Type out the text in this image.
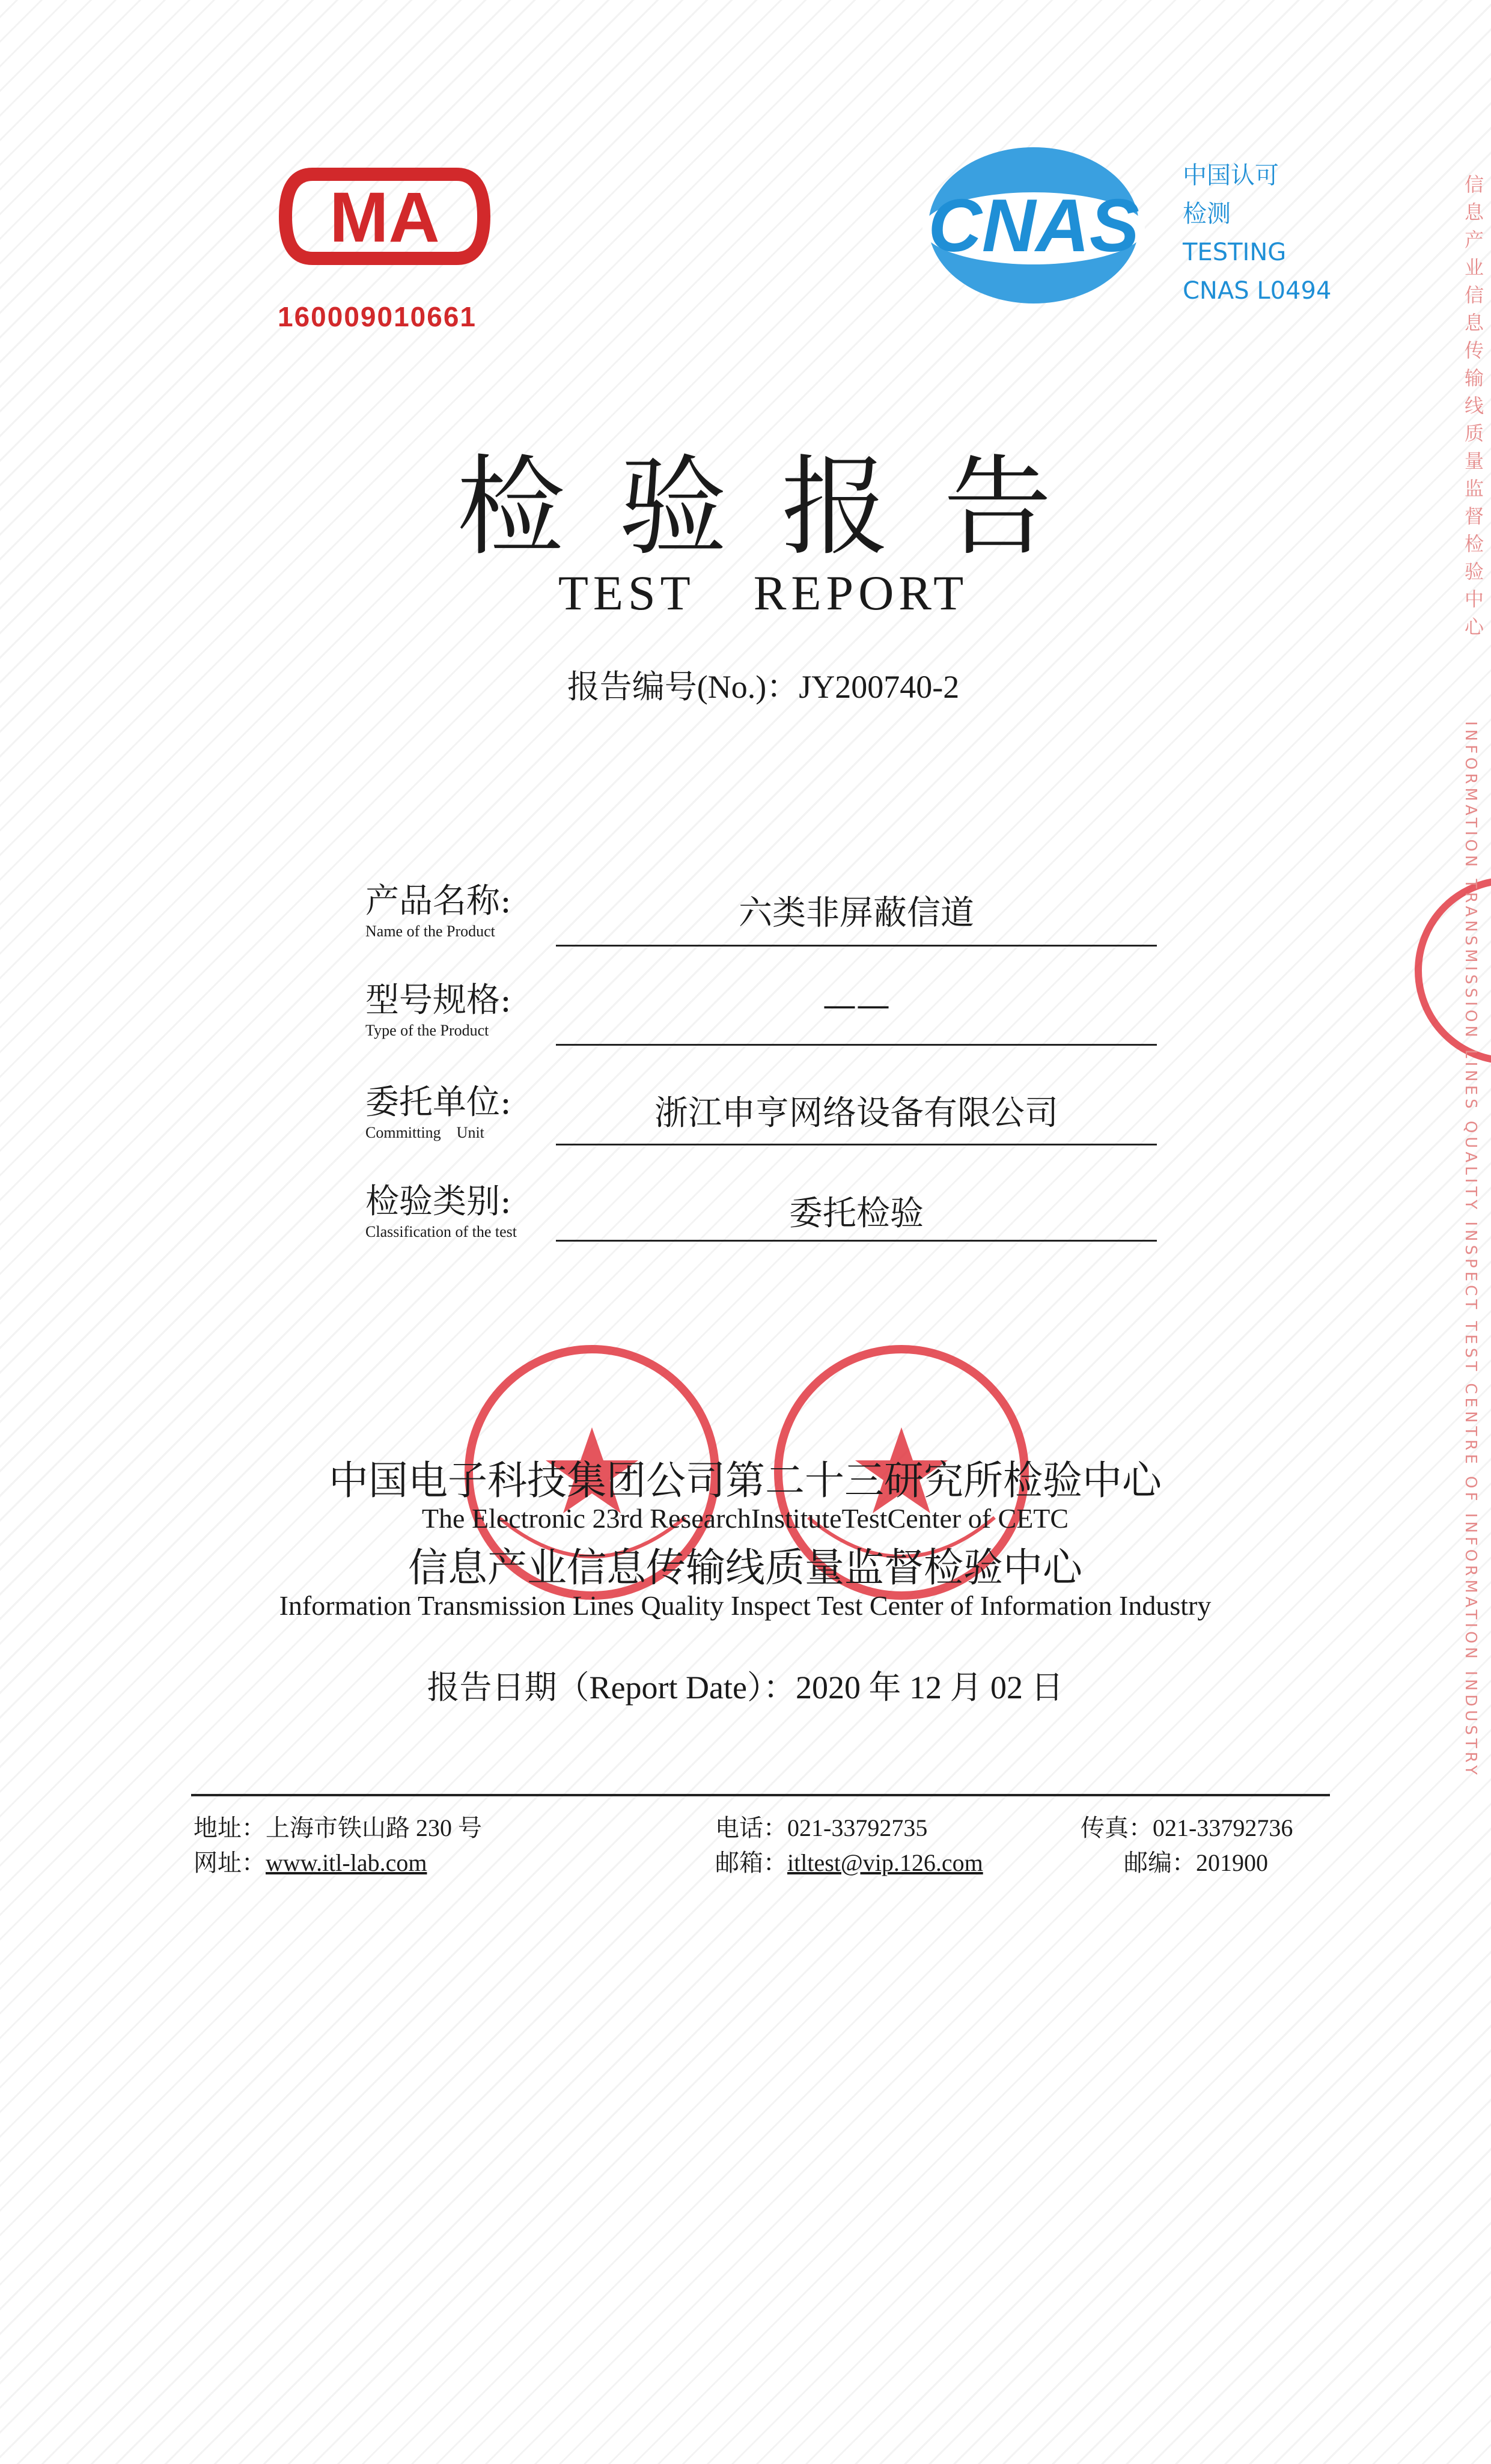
MA
160009010661
CNAS
中国认可
检测
TESTING
CNAS L0494
检验报告
TEST REPORT
报告编号(No.)：JY200740-2
产品名称:
Name of the Product	六类非屏蔽信道
型号规格:
Type of the Product
——
委托单位:
Committing    Unit	浙江申亨网络设备有限公司
检验类别:
Classification of the test	委托检验
中国电子科技集团公司第二十三研究所检验中心
The Electronic 23rd ResearchInstituteTestCenter of CETC
信息产业信息传输线质量监督检验中心
Information Transmission Lines Quality Inspect Test Center of Information Industry
报告日期（Report Date）：2020 年 12 月 02 日
地址：上海市铁山路 230 号
网址：www.itl-lab.com
电话：021-33792735
邮箱：itltest@vip.126.com
传真：021-33792736
邮编：201900
信息产业信息传输线质量监督检验中心
INFORMATION TRANSMISSION LINES QUALITY INSPECT TEST CENTRE OF INFORMATION INDUSTRY
